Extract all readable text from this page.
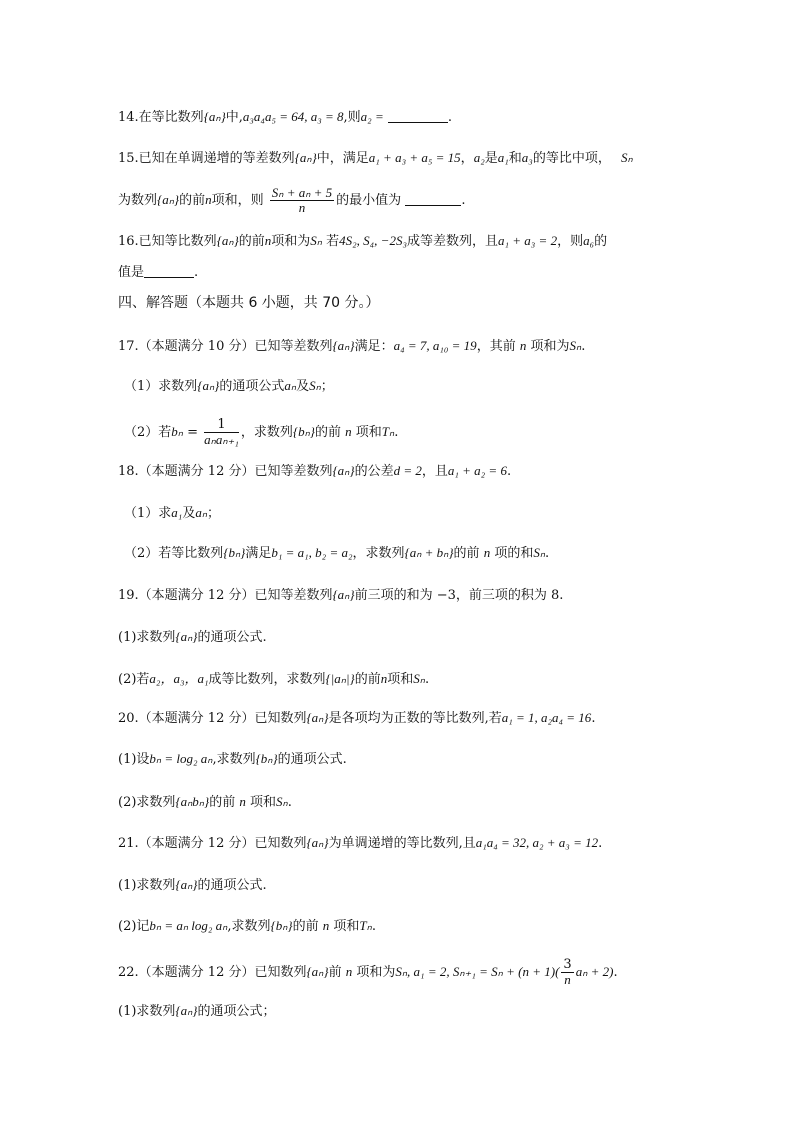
14.在等比数列{aₙ}中,a₃a₄a₅ = 64, a₃ = 8,则a₂ =	.
15.已知在单调递增的等差数列{aₙ}中，满足a₁ + a₃ + a₅ = 15，a₂是a₁和a₃的等比中项， Sₙ
为数列{aₙ}的前n项和，则 $\frac{\text{Sₙ + aₙ + 5}}{n}$ 的最小值为	.
16.已知等比数列{aₙ}的前n项和为Sₙ 若4S₂, S₄, −2S₃成等差数列，且a₁ + a₃ = 2，则a₆的
值是	.
四、解答题（本题共 6 小题，共 70 分。）
17.（本题满分 10 分）已知等差数列{aₙ}满足：a₄ = 7, a₁₀ = 19，其前 n 项和为Sₙ.
（1）求数列{aₙ}的通项公式aₙ及Sₙ；
（2）若$b_n = \frac{1}{\text{aₙaₙ₊₁}}$ ，求数列{bₙ}的前 n 项和Tₙ.
18.（本题满分 12 分）已知等差数列{aₙ}的公差d = 2，且a₁ + a₂ = 6.
（1）求a₁及aₙ；
（2）若等比数列{bₙ}满足b₁ = a₁, b₂ = a₂，求数列{aₙ + bₙ}的前 n 项的和Sₙ.
19.（本题满分 12 分）已知等差数列{aₙ}前三项的和为 −3，前三项的积为 8.
(1)求数列{aₙ}的通项公式.
(2)若a₂，a₃，a₁成等比数列，求数列{|aₙ|}的前n项和Sₙ.
20.（本题满分 12 分）已知数列{aₙ}是各项均为正数的等比数列,若a₁ = 1, a₂a₄ = 16.
(1)设bₙ = log₂ aₙ,求数列{bₙ}的通项公式.
(2)求数列{aₙbₙ}的前 n 项和Sₙ.
21.（本题满分 12 分）已知数列{aₙ}为单调递增的等比数列,且a₁a₄ = 32, a₂ + a₃ = 12.
(1)求数列{aₙ}的通项公式.
(2)记bₙ = aₙ log₂ aₙ,求数列{bₙ}的前 n 项和Tₙ.
22.（本题满分 12 分）已知数列{aₙ}前 n 项和为Sₙ, a₁ = 2, $S_{n+1} = S_n + (n + 1)( \frac{3}{n}$ aₙ + 2).
(1)求数列{aₙ}的通项公式；
